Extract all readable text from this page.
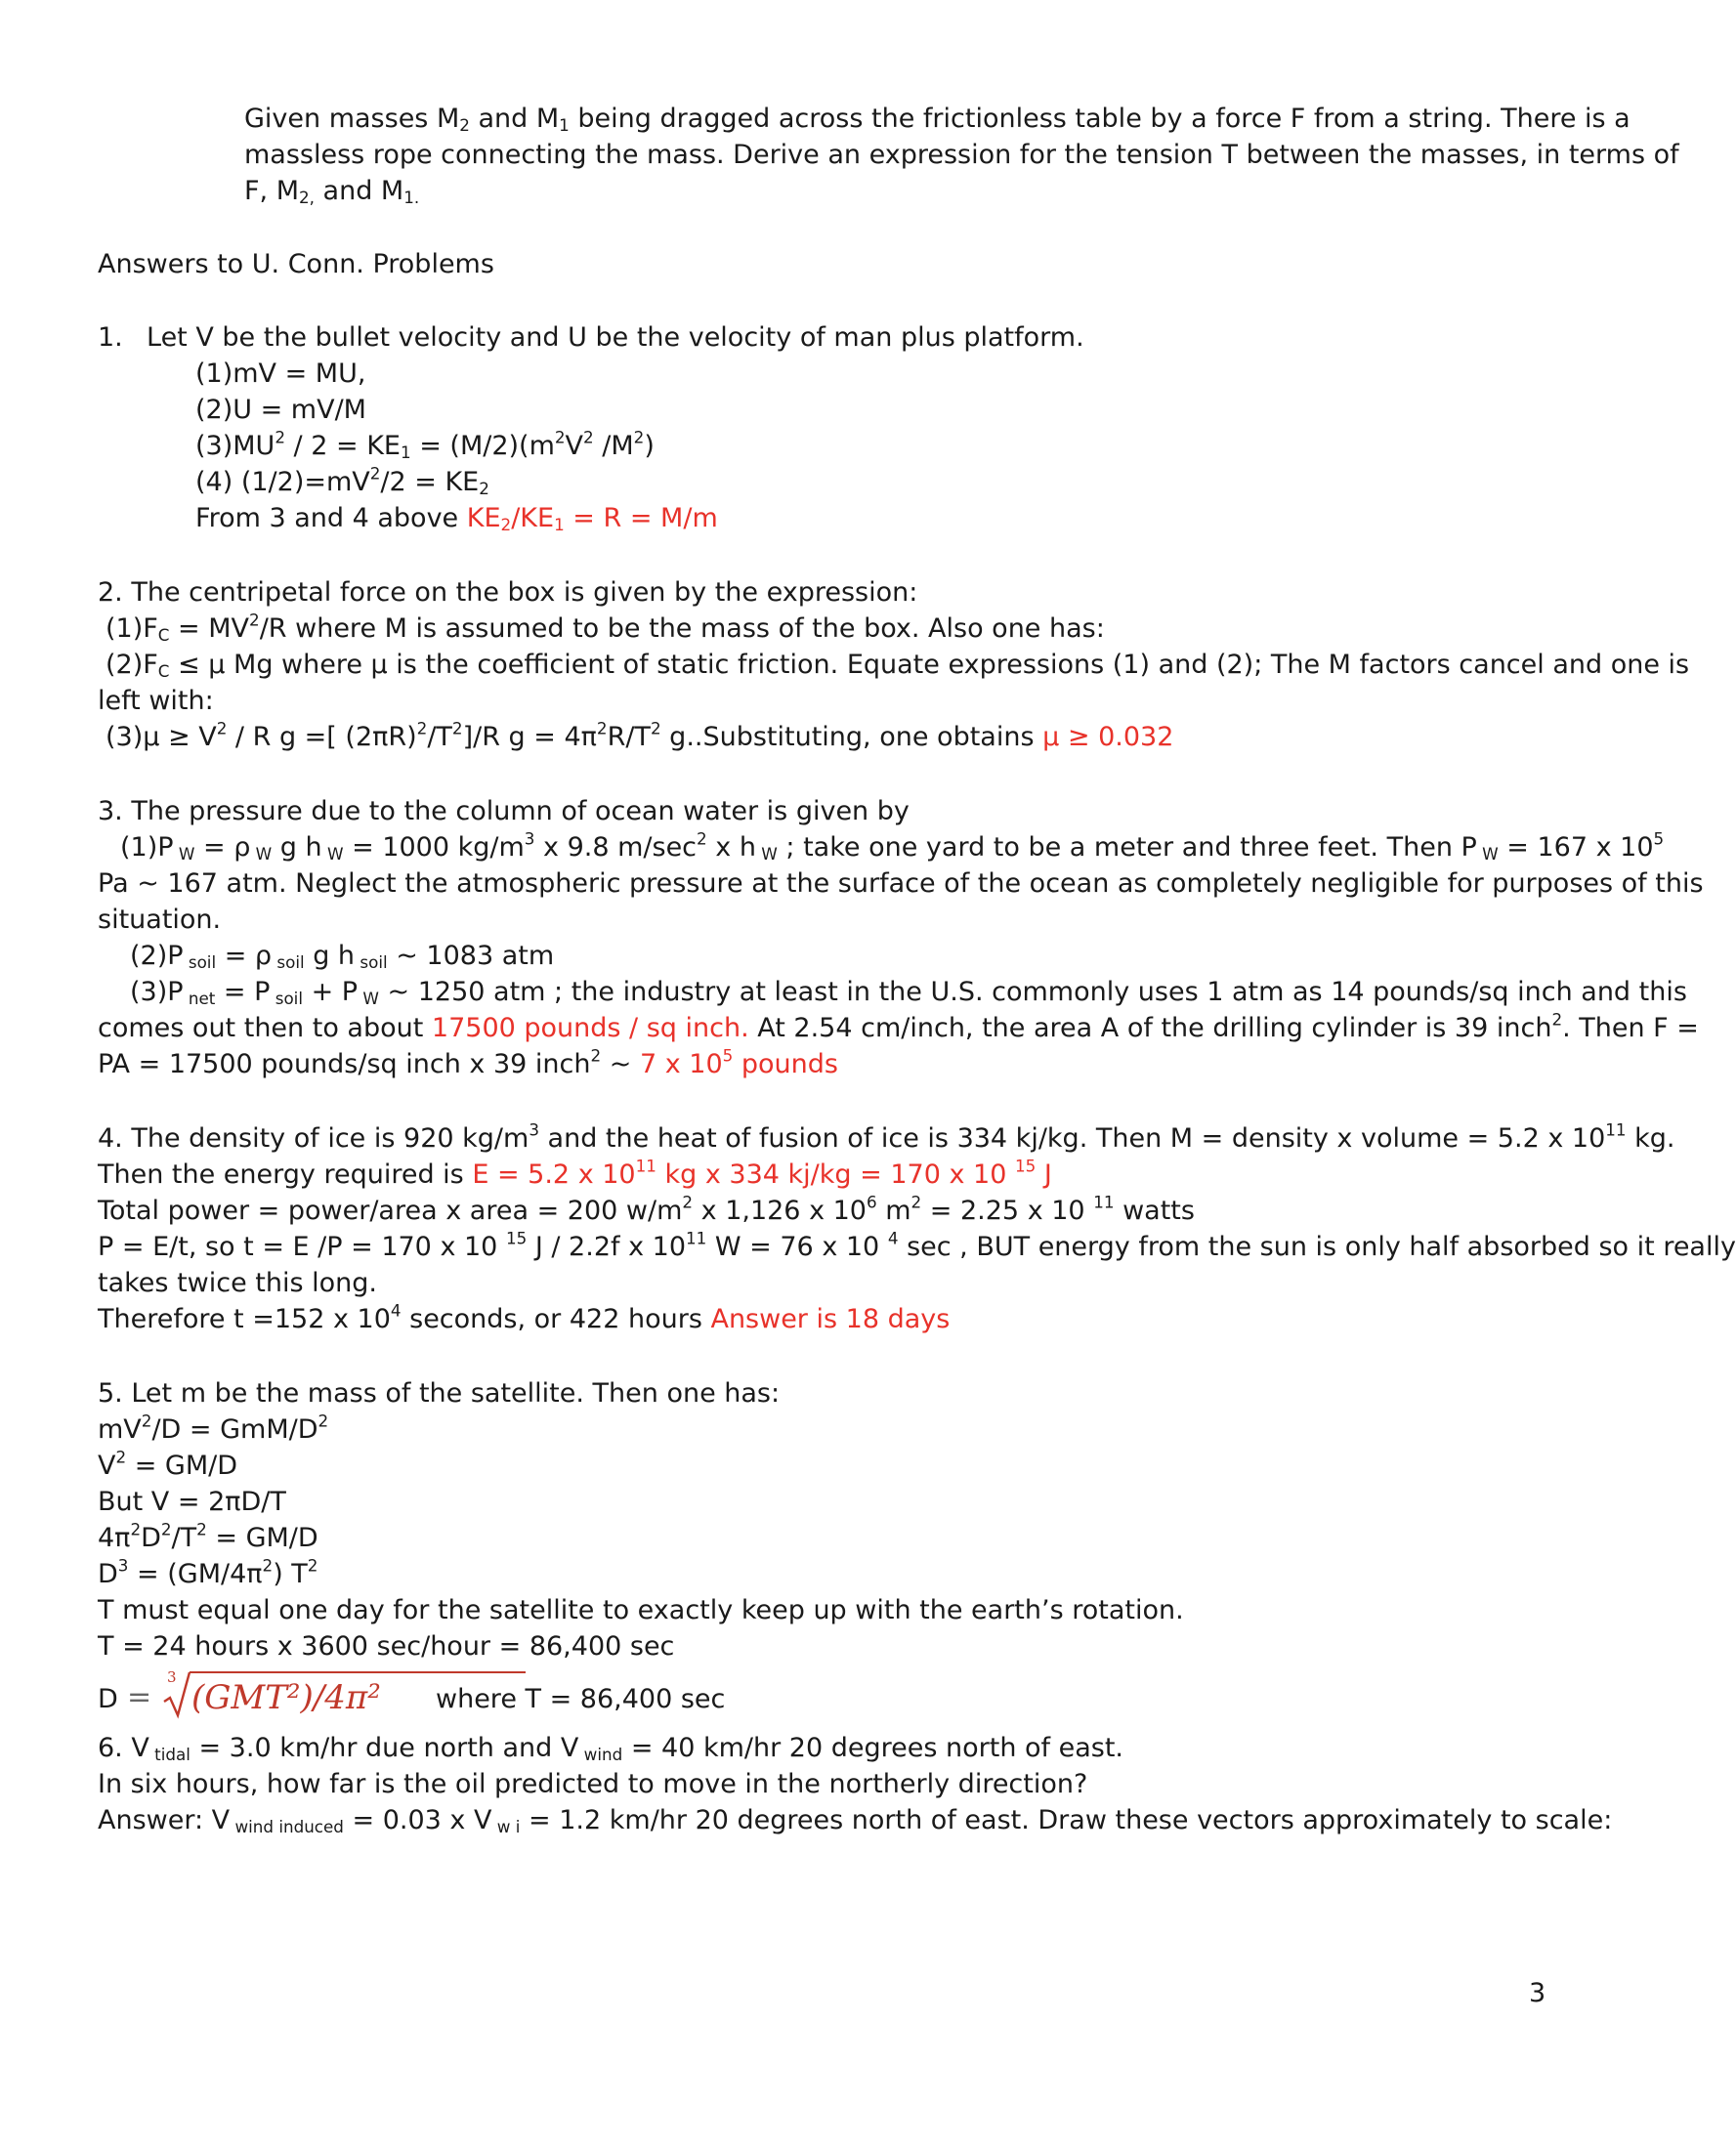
Given masses $M_2$ and $M_1$ being dragged across the frictionless table by a force F from a string. There is a
massless rope connecting the mass. Derive an expression for the tension T between the masses, in terms of
F, $M_{2,}$ and $M_{1.}$
Answers to U. Conn. Problems
1. Let V be the bullet velocity and U be the velocity of man plus platform.
(1)mV = MU,
(2)U = mV/M
$(3)MU^2 / 2 = KE_1 = (M/2)(m^2V^2$ $/M^2$)
(4) $(1/2)=mV^2/2 = KE_2$
From 3 and 4 above $KE_2/KE_1 = R = M/m$
2. The centripetal force on the box is given by the expression:
$(1)F_C = MV^2/R$ where M is assumed to be the mass of the box. Also one has:
$(2)F_C \le \mu$ Mg where μ is the coefficient of static friction. Equate expressions (1) and (2); The M factors cancel and one is
left with:
$(3)\mu \ge V^2 / R$ g =[ $(2\pi R)^2/T^2]/R$ $g = 4\pi^2R/T^2$ g..Substituting, one obtains μ ≥ 0.032
3. The pressure due to the column of ocean water is given by
(1)P $_W$ = ρ $_W$ g h $_W$ = 1000 $kg/m^3$ x 9.8 $m/\sec^2$ x h $_W$ ; take one yard to be a meter and three feet. Then P $_W$ = 167 x $10^5$
Pa ~ 167 atm. Neglect the atmospheric pressure at the surface of the ocean as completely negligible for purposes of this
situation.
(2)P $_{soil}$ = ρ $_{soil}$ g h $_{soil}$ ~ 1083 atm
(3)P $_{net}$ = P $_{soil}$ + P $_W$ ~ 1250 atm ; the industry at least in the U.S. commonly uses 1 atm as 14 pounds/sq inch and this
comes out then to about 17500 pounds / sq inch. At 2.54 cm/inch, the area A of the drilling cylinder is 39 inch$^2$. Then F =
PA = 17500 pounds/sq inch x 39 inch$^2$ ~ 7 x $10^5$ pounds
4. The density of ice is 920 $kg/m^3$ and the heat of fusion of ice is 334 kj/kg. Then M = density x volume = 5.2 x $10^{11}$ kg.
Then the energy required is E = 5.2 x $10^{11}$ kg x 334 kj/kg = 170 x 10 $^{15}$ J
Total power = power/area x area = 200 $w/m^2$ x 1,126 x $10^6$ $m^2 = 2.25$ x 10 $^{11}$ watts
P = E/t, so t = E /P = 170 x 10 $^{15}$ J / 2.2f x $10^{11}$ W = 76 x 10 $^4$ sec , BUT energy from the sun is only half absorbed so it really
takes twice this long.
Therefore t =152 x $10^4$ seconds, or 422 hours Answer is 18 days
5. Let m be the mass of the satellite. Then one has:
$mV^2/D = GmM/D^2$
$V^2 = GM/D$
But V = 2πD/T
$4\pi^2D^2/T^2 = GM/D$
$D^3 = (GM/4\pi^2)$ $T^2$
T must equal one day for the satellite to exactly keep up with the earth’s rotation.
T = 24 hours x 3600 sec/hour = 86,400 sec
D =
3
(GMT²)/4π² where T = 86,400 sec
6. V $_{tidal}$ = 3.0 km/hr due north and V $_{wind}$ = 40 km/hr 20 degrees north of east.
In six hours, how far is the oil predicted to move in the northerly direction?
Answer: V $_{wind induced}$ = 0.03 x V $_{w i}$ = 1.2 km/hr 20 degrees north of east. Draw these vectors approximately to scale:
3
